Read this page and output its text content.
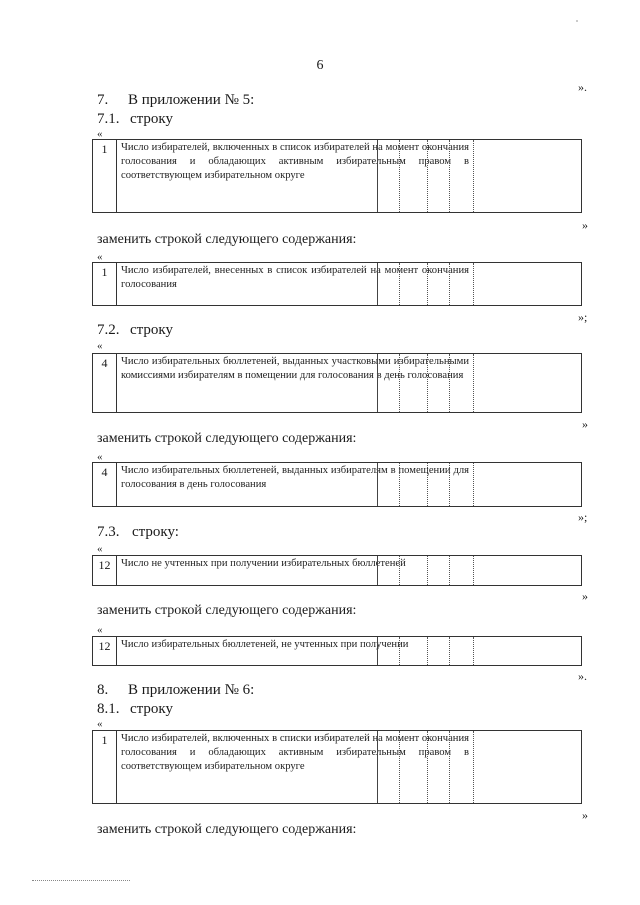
6
».
7. В приложении № 5:
7.1. строку
«
1	Число избирателей, включенных в список избирателей на момент окончания голосования и обладающих активным избирательным правом в соответствующем избирательном округе
»
заменить строкой следующего содержания:
«
1	Число избирателей, внесенных в список избирателей на момент окончания голосования
»;
7.2. строку
«
4	Число избирательных бюллетеней, выданных участковыми избирательными комиссиями избирателям в помещении для голосования в день голосования
»
заменить строкой следующего содержания:
«
4	Число избирательных бюллетеней, выданных избирателям в помещении для голосования в день голосования
»;
7.3. строку:
«
12 Число не учтенных при получении избирательных бюллетеней
»
заменить строкой следующего содержания:
«
12 Число избирательных бюллетеней, не учтенных при получении
».
8. В приложении № 6:
8.1. строку
«
1	Число избирателей, включенных в списки избирателей на момент окончания голосования и обладающих активным избирательным правом в соответствующем избирательном округе
»
заменить строкой следующего содержания:
